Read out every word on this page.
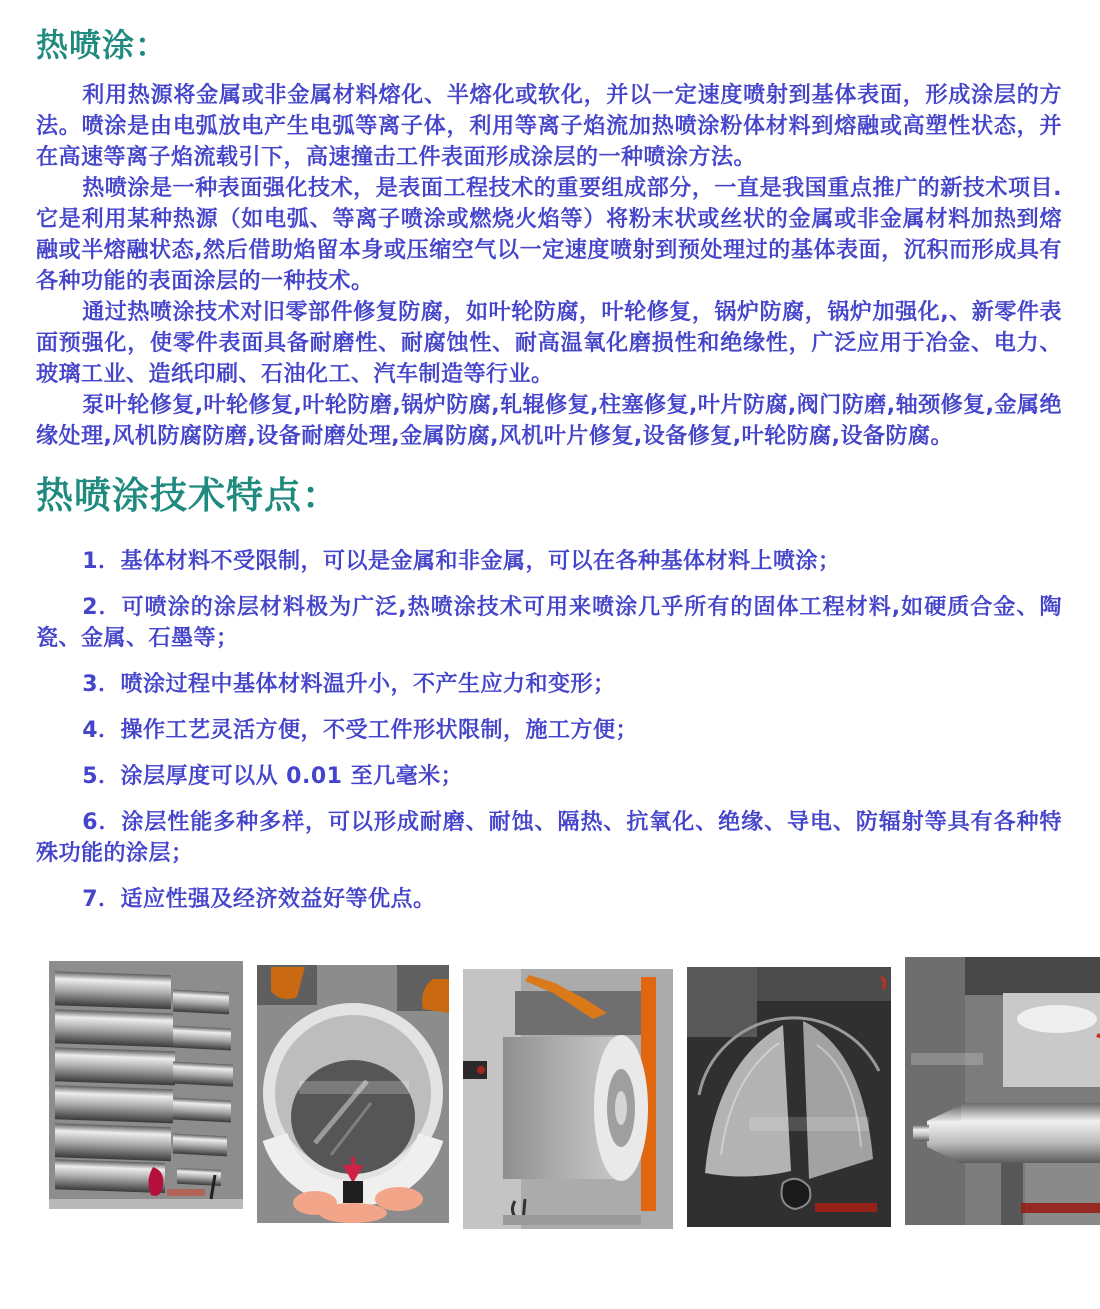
热喷涂：

利用热源将金属或非金属材料熔化、半熔化或软化，并以一定速度喷射到基体表面，形成涂层的方法。喷涂是由电弧放电产生电弧等离子体，利用等离子焰流加热喷涂粉体材料到熔融或高塑性状态，并在高速等离子焰流载引下，高速撞击工件表面形成涂层的一种喷涂方法。

热喷涂是一种表面强化技术，是表面工程技术的重要组成部分，一直是我国重点推广的新技术项目.它是利用某种热源（如电弧、等离子喷涂或燃烧火焰等）将粉末状或丝状的金属或非金属材料加热到熔融或半熔融状态,然后借助焰留本身或压缩空气以一定速度喷射到预处理过的基体表面，沉积而形成具有各种功能的表面涂层的一种技术。

通过热喷涂技术对旧零部件修复防腐，如叶轮防腐，叶轮修复，锅炉防腐，锅炉加强化,、新零件表面预强化，使零件表面具备耐磨性、耐腐蚀性、耐高温氧化磨损性和绝缘性，广泛应用于冶金、电力、玻璃工业、造纸印刷、石油化工、汽车制造等行业。

泵叶轮修复,叶轮修复,叶轮防磨,锅炉防腐,轧辊修复,柱塞修复,叶片防腐,阀门防磨,轴颈修复,金属绝缘处理,风机防腐防磨,设备耐磨处理,金属防腐,风机叶片修复,设备修复,叶轮防腐,设备防腐。

热喷涂技术特点：

1．基体材料不受限制，可以是金属和非金属，可以在各种基体材料上喷涂；

2．可喷涂的涂层材料极为广泛,热喷涂技术可用来喷涂几乎所有的固体工程材料,如硬质合金、陶瓷、金属、石墨等；

3．喷涂过程中基体材料温升小，不产生应力和变形；

4．操作工艺灵活方便，不受工件形状限制，施工方便；

5．涂层厚度可以从 0.01 至几毫米；

6．涂层性能多种多样，可以形成耐磨、耐蚀、隔热、抗氧化、绝缘、导电、防辐射等具有各种特殊功能的涂层；

7．适应性强及经济效益好等优点。
